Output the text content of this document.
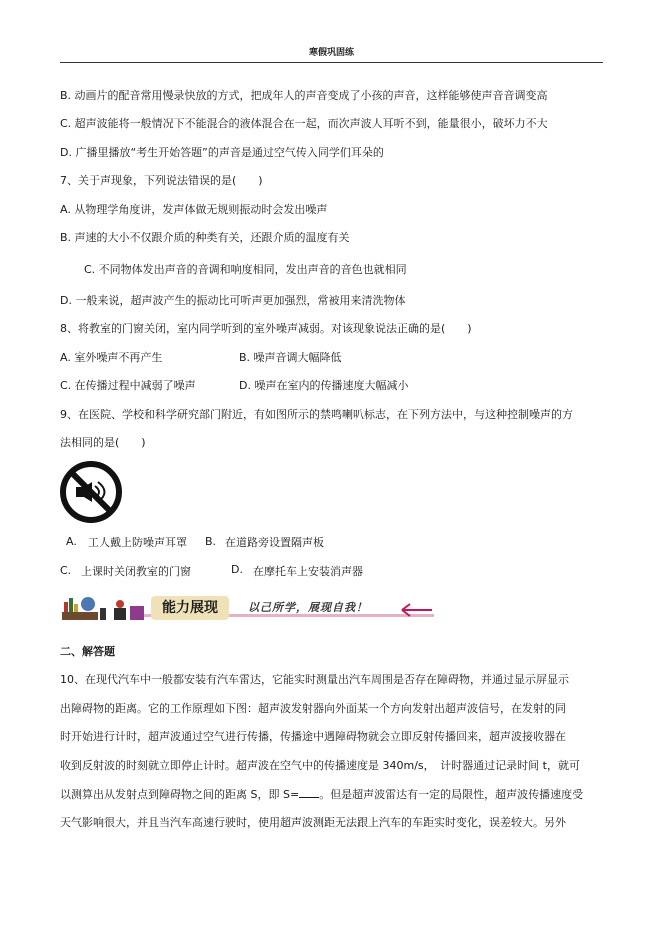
寒假巩固练
B. 动画片的配音常用慢录快放的方式，把成年人的声音变成了小孩的声音，这样能够使声音音调变高
C. 超声波能将一般情况下不能混合的液体混合在一起，而次声波人耳听不到，能量很小，破坏力不大
D. 广播里播放“考生开始答题”的声音是通过空气传入同学们耳朵的
7、关于声现象，下列说法错误的是(　　)
A. 从物理学角度讲，发声体做无规则振动时会发出噪声
B. 声速的大小不仅跟介质的种类有关，还跟介质的温度有关
C. 不同物体发出声音的音调和响度相同，发出声音的音色也就相同
D. 一般来说，超声波产生的振动比可听声更加强烈，常被用来清洗物体
8、将教室的门窗关闭，室内同学听到的室外噪声减弱。对该现象说法正确的是(　　)
A. 室外噪声不再产生	B. 噪声音调大幅降低
C. 在传播过程中减弱了噪声	D. 噪声在室内的传播速度大幅减小
9、在医院、学校和科学研究部门附近，有如图所示的禁鸣喇叭标志，在下列方法中，与这种控制噪声的方
法相同的是(　　)
A. 工人戴上防噪声耳罩 B. 在道路旁设置隔声板
C. 上课时关闭教室的门窗	D. 在摩托车上安装消声器
能力展现	以己所学，展现自我！
二、解答题
10、在现代汽车中一般都安装有汽车雷达，它能实时测量出汽车周围是否存在障碍物，并通过显示屏显示
出障碍物的距离。它的工作原理如下图：超声波发射器向外面某一个方向发射出超声波信号，在发射的同
时开始进行计时，超声波通过空气进行传播，传播途中遇障碍物就会立即反射传播回来，超声波接收器在
收到反射波的时刻就立即停止计时。超声波在空气中的传播速度是 340m/s，　计时器通过记录时间 t，就可
以测算出从发射点到障碍物之间的距离 S，即 S= 。但是超声波雷达有一定的局限性，超声波传播速度受
天气影响很大，并且当汽车高速行驶时，使用超声波测距无法跟上汽车的车距实时变化，误差较大。另外
